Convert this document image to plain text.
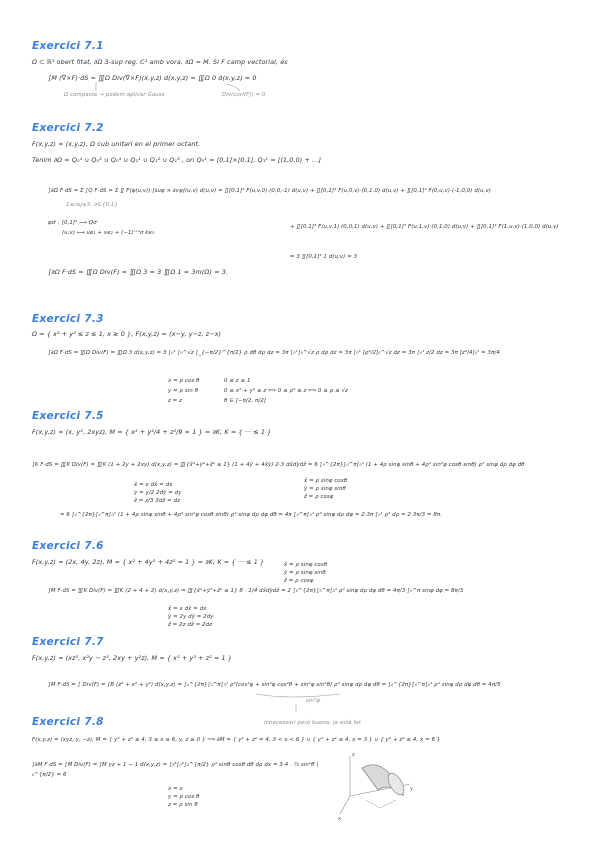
Exercici 7.1
Ω ⊂ ℝ³ obert fitat, ∂Ω 3-sup reg. C¹ amb vora, ∂Ω = M. Si F camp vectorial, és
∫M (∇×F)·dS = ∭Ω Div(∇×F)(x,y,z) d(x,y,z) = ∭Ω 0 d(x,y,z) = 0
Ω compacte → podem aplicar Gauss	Div(curl(F)) = 0
Exercici 7.2
F(x,y,z) = (x,y,z), Ω cub unitari en el primer octant.
Tenim ∂Ω = Q₀¹ ∪ Q₀² ∪ Q₀³ ∪ Q₁¹ ∪ Q₁² ∪ Q₁³ , on Q₀¹ = [0,1]×[0,1], Q₁¹ = [(1,0,0) + ...]
∫∂Ω F·dS = Σ ∫Q F·dS = Σ ∬ F(φ(u,v))·[∂uφ × ∂vφ](u,v) d(u,v) = ∬[0,1]² F(u,v,0)·(0,0,-1) d(u,v) + ∬[0,1]² F(u,0,v)·(0,1,0) d(u,v) + ∬[0,1]² F(0,u,v)·(-1,0,0) d(u,v)
1≤i≤j≤3, σ∈{0,1}
φσⁱ : [0,1]² ⟶ Qσⁱ
(u,v) ⟼ ue₁ + ve₂ + (−1)ⁱ⁺¹σ ke₃
+ ∬[0,1]² F(u,v,1)·(0,0,1) d(u,v) + ∬[0,1]² F(u,1,v)·(0,1,0) d(u,v) + ∬[0,1]² F(1,u,v)·(1,0,0) d(u,v)
= 3 ∬[0,1]² 1 d(u,v) = 3
∫∂Ω F·dS = ∭Ω Div(F) = ∭Ω 3 = 3 ∭Ω 1 = 3m(Ω) = 3.
Exercici 7.3
Ω = { x² + y² ≤ z ≤ 1, x ≥ 0 }, F(x,y,z) = (x−y, y−z, z−x)
∫∂Ω F·dS = ∭Ω Div(F) = ∭Ω 3 d(x,y,z) = 3 ∫₀¹ ∫₀^√z ∫_{−π/2}^{π/2} ρ dθ dρ dz = 3π ∫₀¹∫₀^√z ρ dρ dz = 3π ∫₀¹ [ρ²/2]₀^√z dz = 3π ∫₀¹ z/2 dz = 3π [z²/4]₀¹ = 3π/4
x = ρ cos θ
y = ρ sin θ
z = z
0 ≤ z ≤ 1
0 ≤ x² + y² ≤ z ⟺ 0 ≤ ρ² ≤ z ⟺ 0 ≤ ρ ≤ √z
θ ∈ [−π/2, π/2]
Exercici 7.5
F(x,y,z) = (x, y², 2xyz), M = { x² + y²/4 + z²/9 = 1 } = ∂K, K = { ··· ≤ 1 }
∫K F·dS = ∭K Div(F) = ∭K (1 + 2y + 2xy) d(x,y,z) = ∭{x̃²+ỹ²+z̃² ≤ 1} (1 + 4ỹ + 4x̃ỹ) 2·3 dx̃dỹdz̃ = 6 ∫₀^{2π}∫₀^π∫₀¹ (1 + 4ρ sinφ sinθ + 4ρ² sin²φ cosθ sinθ) ρ² sinφ dρ dφ dθ
x̃ = x dx̃ = dx
ỹ = y/2 2dỹ = dy
z̃ = z/3 3dz̃ = dz
x̃ = ρ sinφ cosθ
ỹ = ρ sinφ sinθ
z̃ = ρ cosφ
= 6 ∫₀^{2π}∫₀^π∫₀¹ (1 + 4ρ sinφ sinθ + 4ρ² sin²φ cosθ sinθ) ρ² sinφ dρ dφ dθ = 4π ∫₀^π∫₀¹ ρ² sinφ dρ dφ = 2·3π ∫₀¹ ρ² dρ = 2·3π/3 = 8π.
Exercici 7.6
F(x,y,z) = (2x, 4y, 2z), M = { x² + 4y² + 4z² = 1 } = ∂K, K = { ··· ≤ 1 }	x̃ = ρ sinφ cosθ
ỹ = ρ sinφ sinθ
z̃ = ρ cosφ
∫M F·dS = ∭K Div(F) = ∭K (2 + 4 + 2) d(x,y,z) = ∭{x̃²+ỹ²+z̃² ≤ 1} 8 · 1/4 dx̃dỹdz̃ = 2 ∫₀^{2π}∫₀^π∫₀¹ ρ² sinφ dρ dφ dθ = 4π/3 ∫₀^π sinφ dφ = 8π/3
x̃ = x dx̃ = dx
ỹ = 2y dỹ = 2dy
z̃ = 2z dz̃ = 2dz
Exercici 7.7
F(x,y,z) = (xz², x²y − z³, 2xy + y²z), M = { x² + y² + z² = 1 }
∫M F·dS = ∫ Div(F) = ∫B (z² + x² + y²) d(x,y,z) = ∫₀^{2π}∫₀^π∫₀¹ ρ²(cos²φ + sin²φ cos²θ + sin²φ sin²θ) ρ² sinφ dρ dφ dθ = ∫₀^{2π}∫₀^π∫₀¹ ρ⁴ sinφ dρ dφ dθ = 4π/5
sin²φ
innecessari però bueno, ja està fet
Exercici 7.8
F(x,y,z) = (xyz, y, −z), M = { y² + z² ≤ 4, 3 ≤ x ≤ 6, y, z ≥ 0 } ⟹ ∂M = { y² + z² = 4, 3 < x < 6 } ∪ { y² + z² ≤ 4, x = 3 } ∪ { y² + z² ≤ 4, x = 6 }
∫∂M F·dS = ∫M Div(F) = ∫M yz + 1 − 1 d(x,y,z) = ∫₃⁶∫₀²∫₀^{π/2} ρ³ sinθ cosθ dθ dρ dx = 3·4 · ½ sin²θ |₀^{π/2} = 6
x = x
y = ρ cos θ
z = ρ sin θ
z
y
x
